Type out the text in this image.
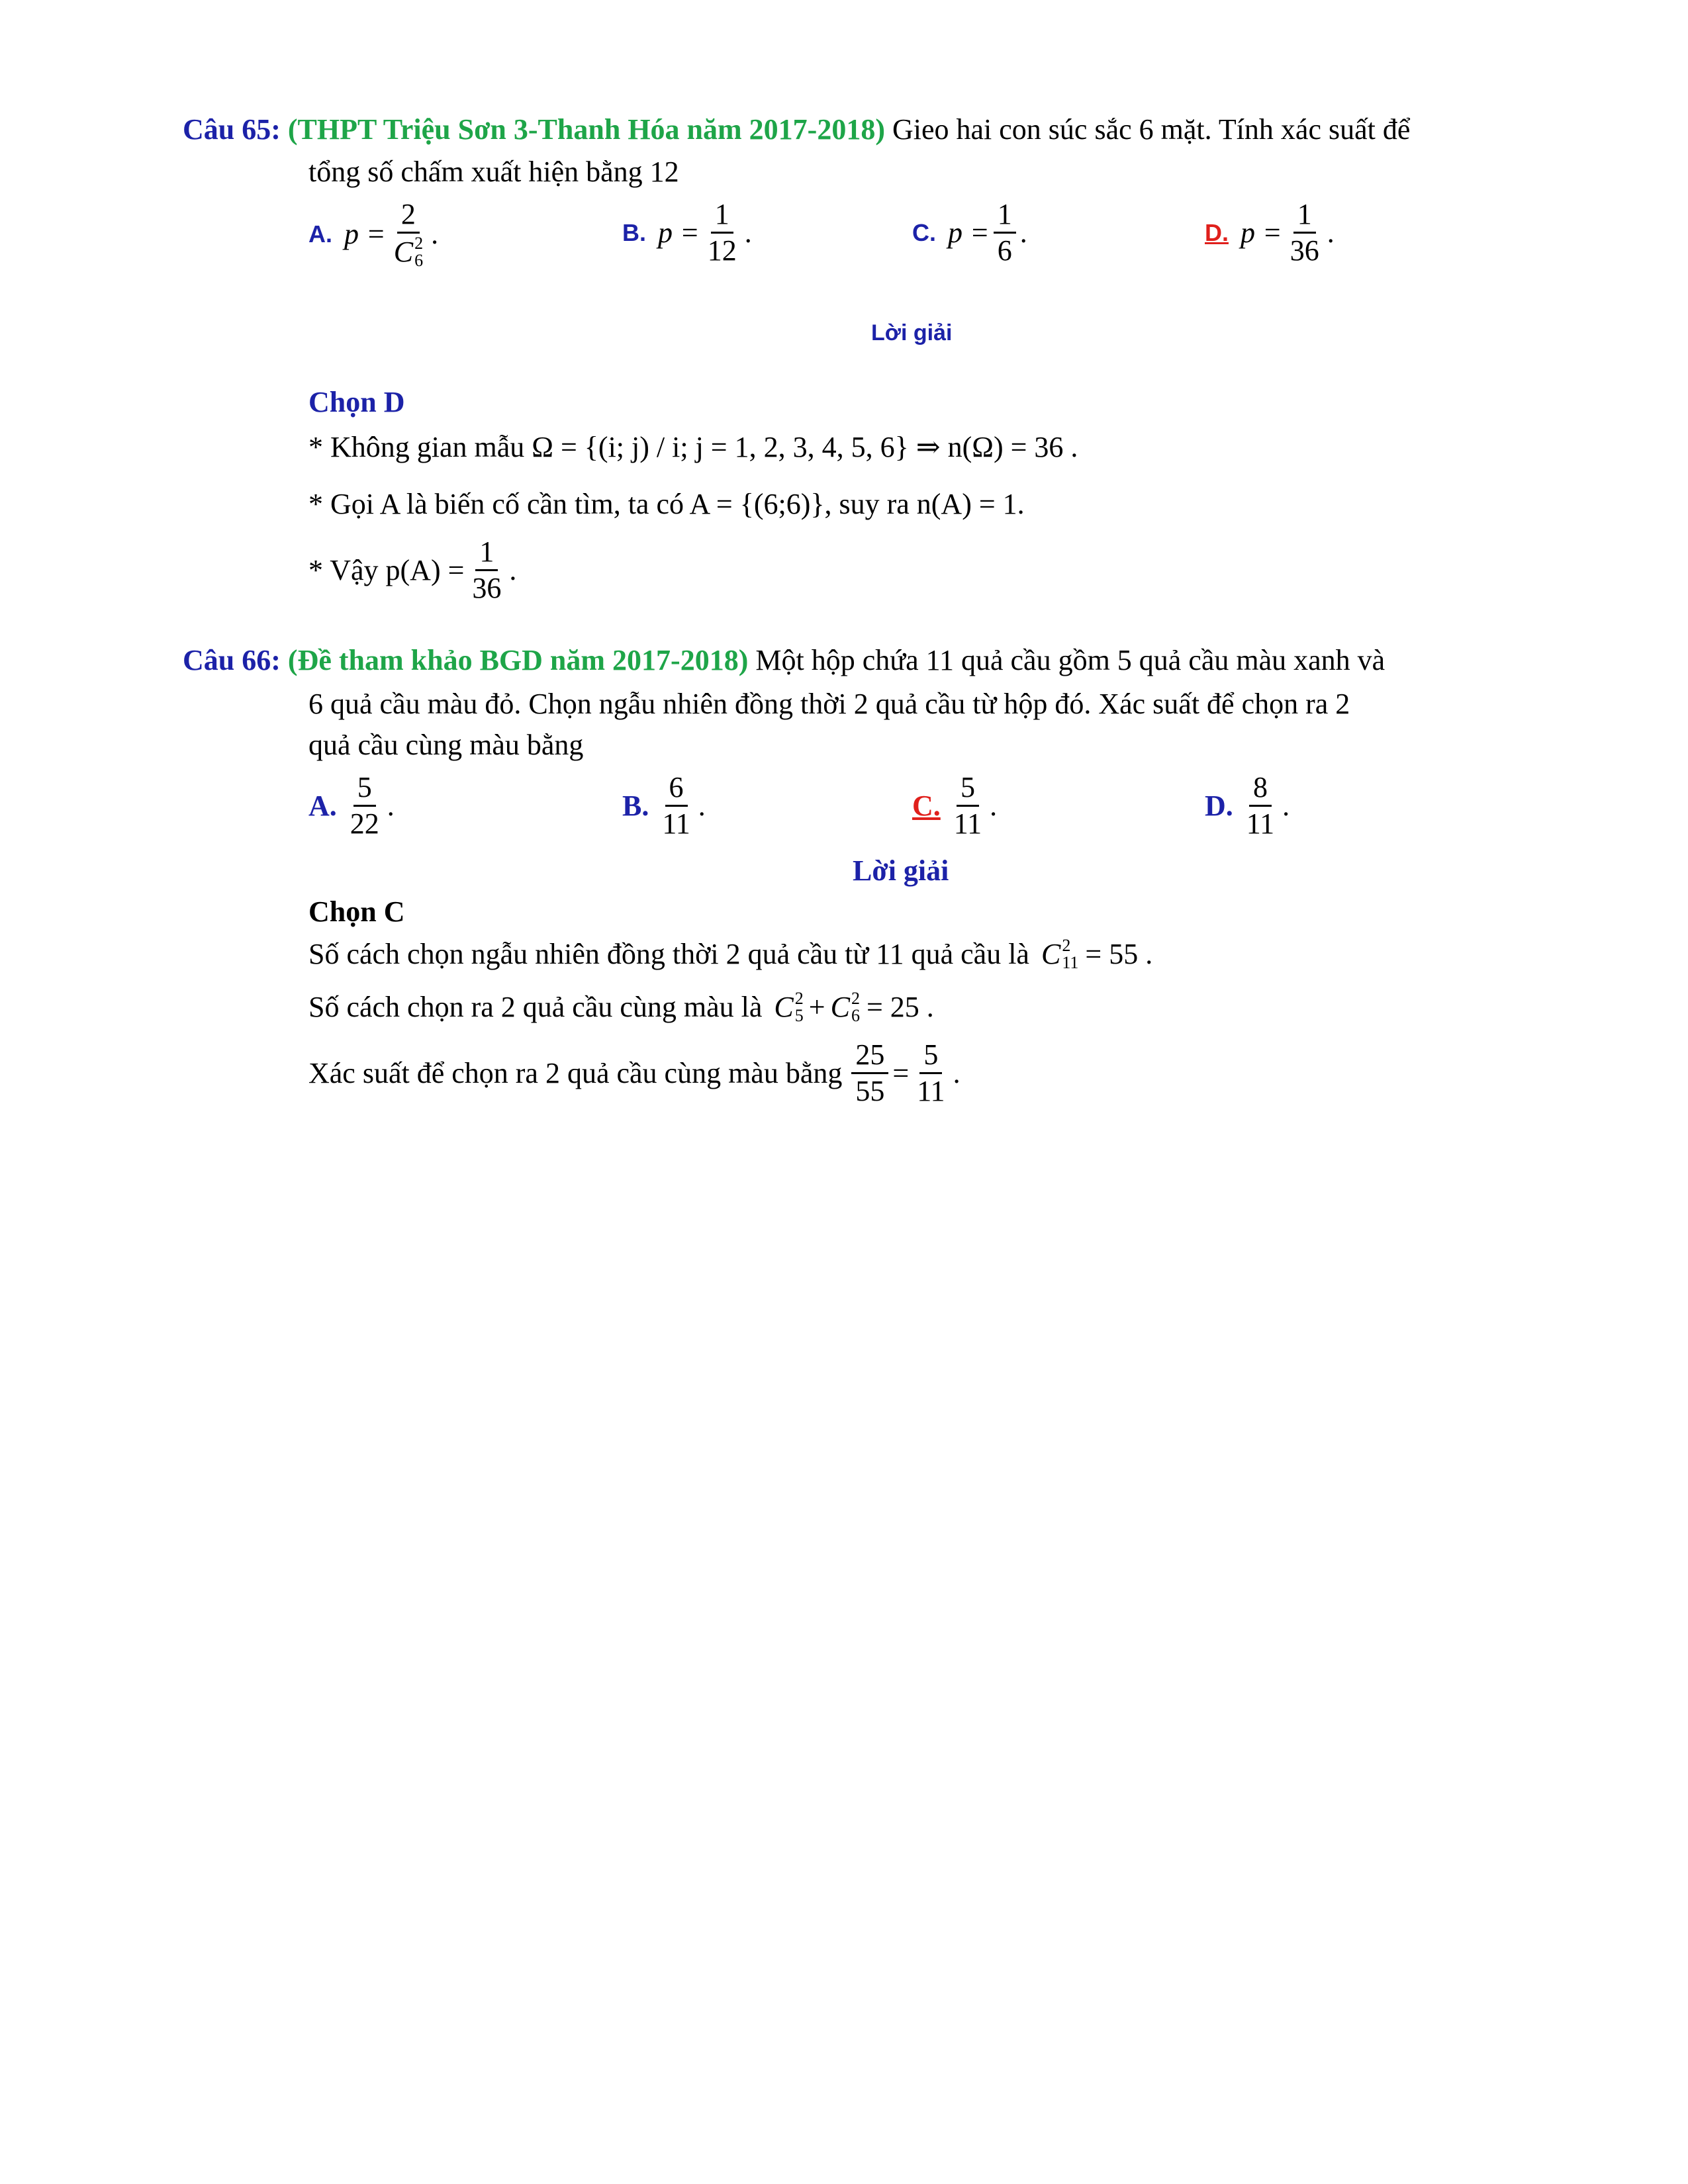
Câu 65: (THPT Triệu Sơn 3-Thanh Hóa năm 2017-2018) Gieo hai con súc sắc 6 mặt. Tính xác suất để
tổng số chấm xuất hiện bằng 12
A. p = 2
C 2
6 .	B. $p = \frac{1}{12}$ .	C. $p = \frac{1}{6}$ .	D. $p = \frac{1}{36}$ .
Lời giải
Chọn D
* Không gian mẫu Ω = {(i; j) / i; j = 1, 2, 3, 4, 5, 6} ⇒ n(Ω) = 36 .
* Gọi A là biến cố cần tìm, ta có A = {(6;6)}, suy ra n(A) = 1.
* Vậy $p(A) = \frac{1}{36}$ .
Câu 66: (Đề tham khảo BGD năm 2017-2018) Một hộp chứa 11 quả cầu gồm 5 quả cầu màu xanh và
6 quả cầu màu đỏ. Chọn ngẫu nhiên đồng thời 2 quả cầu từ hộp đó. Xác suất để chọn ra 2
quả cầu cùng màu bằng
A. $\frac{5}{22}$ .	B. $\frac{6}{11}$ .	C. $\frac{5}{11}$ .	D. $\frac{8}{11}$ .
Lời giải
Chọn C
Số cách chọn ngẫu nhiên đồng thời 2 quả cầu từ 11 quả cầu là C 2
11 = 55 .
Số cách chọn ra 2 quả cầu cùng màu là C 2
5 + C 2
6 = 25 .
Xác suất để chọn ra 2 quả cầu cùng màu bằng $\frac{25}{55} = \frac{5}{11}$ .
